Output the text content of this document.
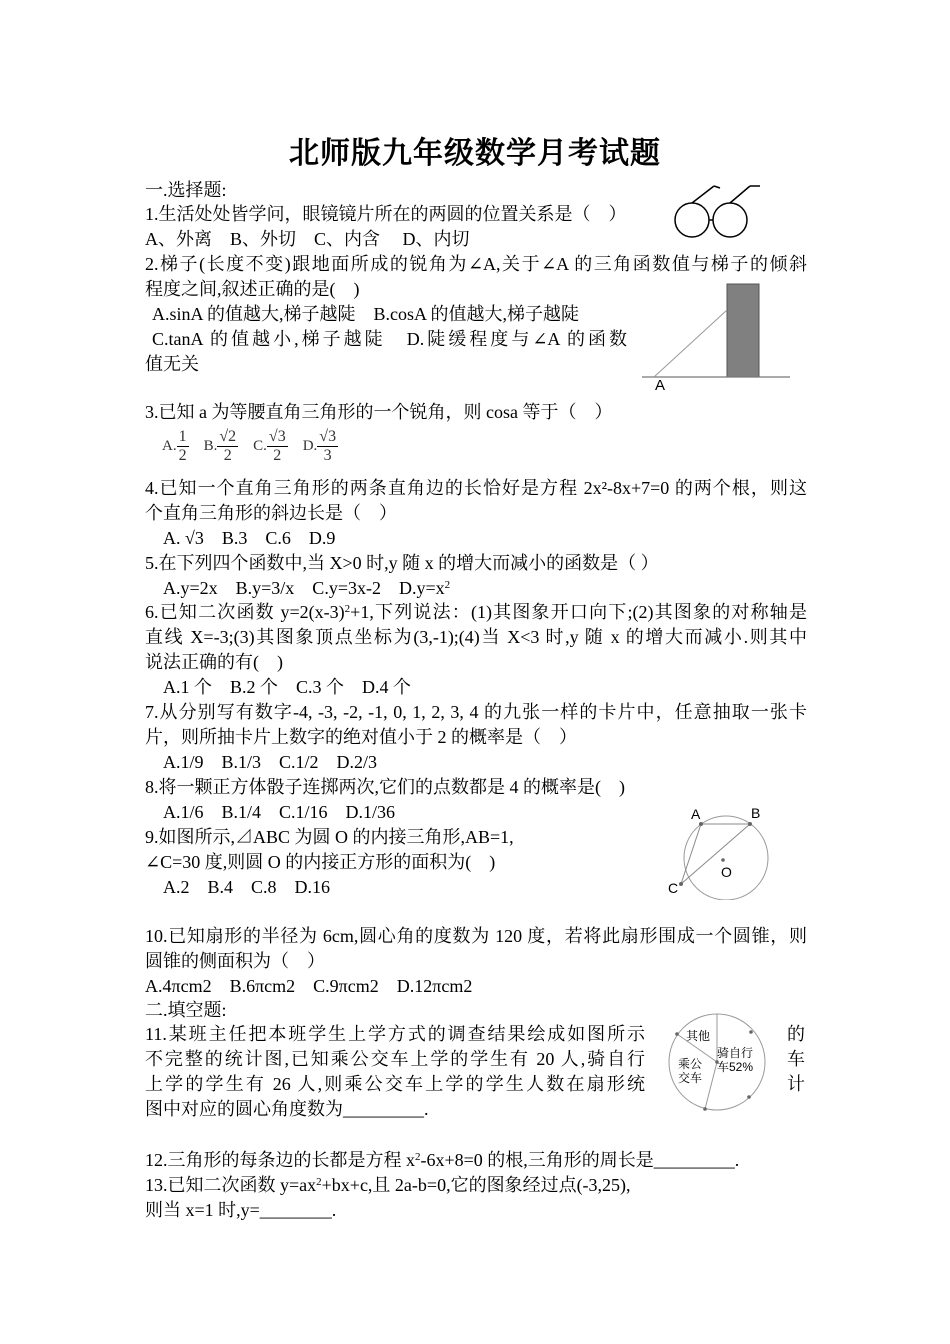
北师版九年级数学月考试题
一.选择题:
1.生活处处皆学问，眼镜镜片所在的两圆的位置关系是（　）
A、外离　B、外切　C、内含　 D、内切
2.梯子(长度不变)跟地面所成的锐角为∠A,关于∠A 的三角函数值与梯子的倾斜
程度之间,叙述正确的是(　)
A.sinA 的值越大,梯子越陡　B.cosA 的值越大,梯子越陡
C.tanA 的值越小,梯子越陡　D.陡缓程度与∠A 的函数
值无关
A
3.已知 a 为等腰直角三角形的一个锐角，则 cosa 等于（　）
A. $\frac{1}{2} B$. $\frac{√2}{2} C$. $\frac{√3}{2} D$. $\frac{√3}{3}$
4.已知一个直角三角形的两条直角边的长恰好是方程 2x²-8x+7=0 的两个根，则这
个直角三角形的斜边长是（　）
A. √3　B.3　C.6　D.9
5.在下列四个函数中,当 X>0 时,y 随 x 的增大而减小的函数是（ ）
A.y=2x　B.y=3/x　C.y=3x-2　$D.y=x^2$
6.已知二次函数 $y=2(x-3)^2+1$,下列说法：(1)其图象开口向下;(2)其图象的对称轴是
直线 X=-3;(3)其图象顶点坐标为(3,-1);(4)当 X<3 时,y 随 x 的增大而减小.则其中
说法正确的有(　)
A.1 个　B.2 个　C.3 个　D.4 个
7.从分别写有数字-4, -3, -2, -1, 0, 1, 2, 3, 4 的九张一样的卡片中，任意抽取一张卡
片，则所抽卡片上数字的绝对值小于 2 的概率是（　）
A.1/9　B.1/3　C.1/2　D.2/3
8.将一颗正方体骰子连掷两次,它们的点数都是 4 的概率是(　)
A.1/6　B.1/4　C.1/16　D.1/36
9.如图所示,⊿ABC 为圆 O 的内接三角形,AB=1,
∠C=30 度,则圆 O 的内接正方形的面积为(　)
A.2　B.4　C.8　D.16
A	B
C
O
10.已知扇形的半径为 6cm,圆心角的度数为 120 度，若将此扇形围成一个圆锥，则
圆锥的侧面积为（　）
A.4πcm2　B.6πcm2　C.9πcm2　D.12πcm2
二.填空题:
11.某班主任把本班学生上学方式的调查结果绘成如图所示
不完整的统计图,已知乘公交车上学的学生有 20 人,骑自行
上学的学生有 26 人,则乘公交车上学的学生人数在扇形统
的
车
计
图中对应的圆心角度数为_________.
其他
乘公
交车
骑自行
车52%
12.三角形的每条边的长都是方程 $x^2-6x+8=0$ 的根,三角形的周长是_________.
13.已知二次函数 $y=ax^2+bx+c$,且 2a-b=0,它的图象经过点(-3,25),
则当 x=1 时,y=________.
